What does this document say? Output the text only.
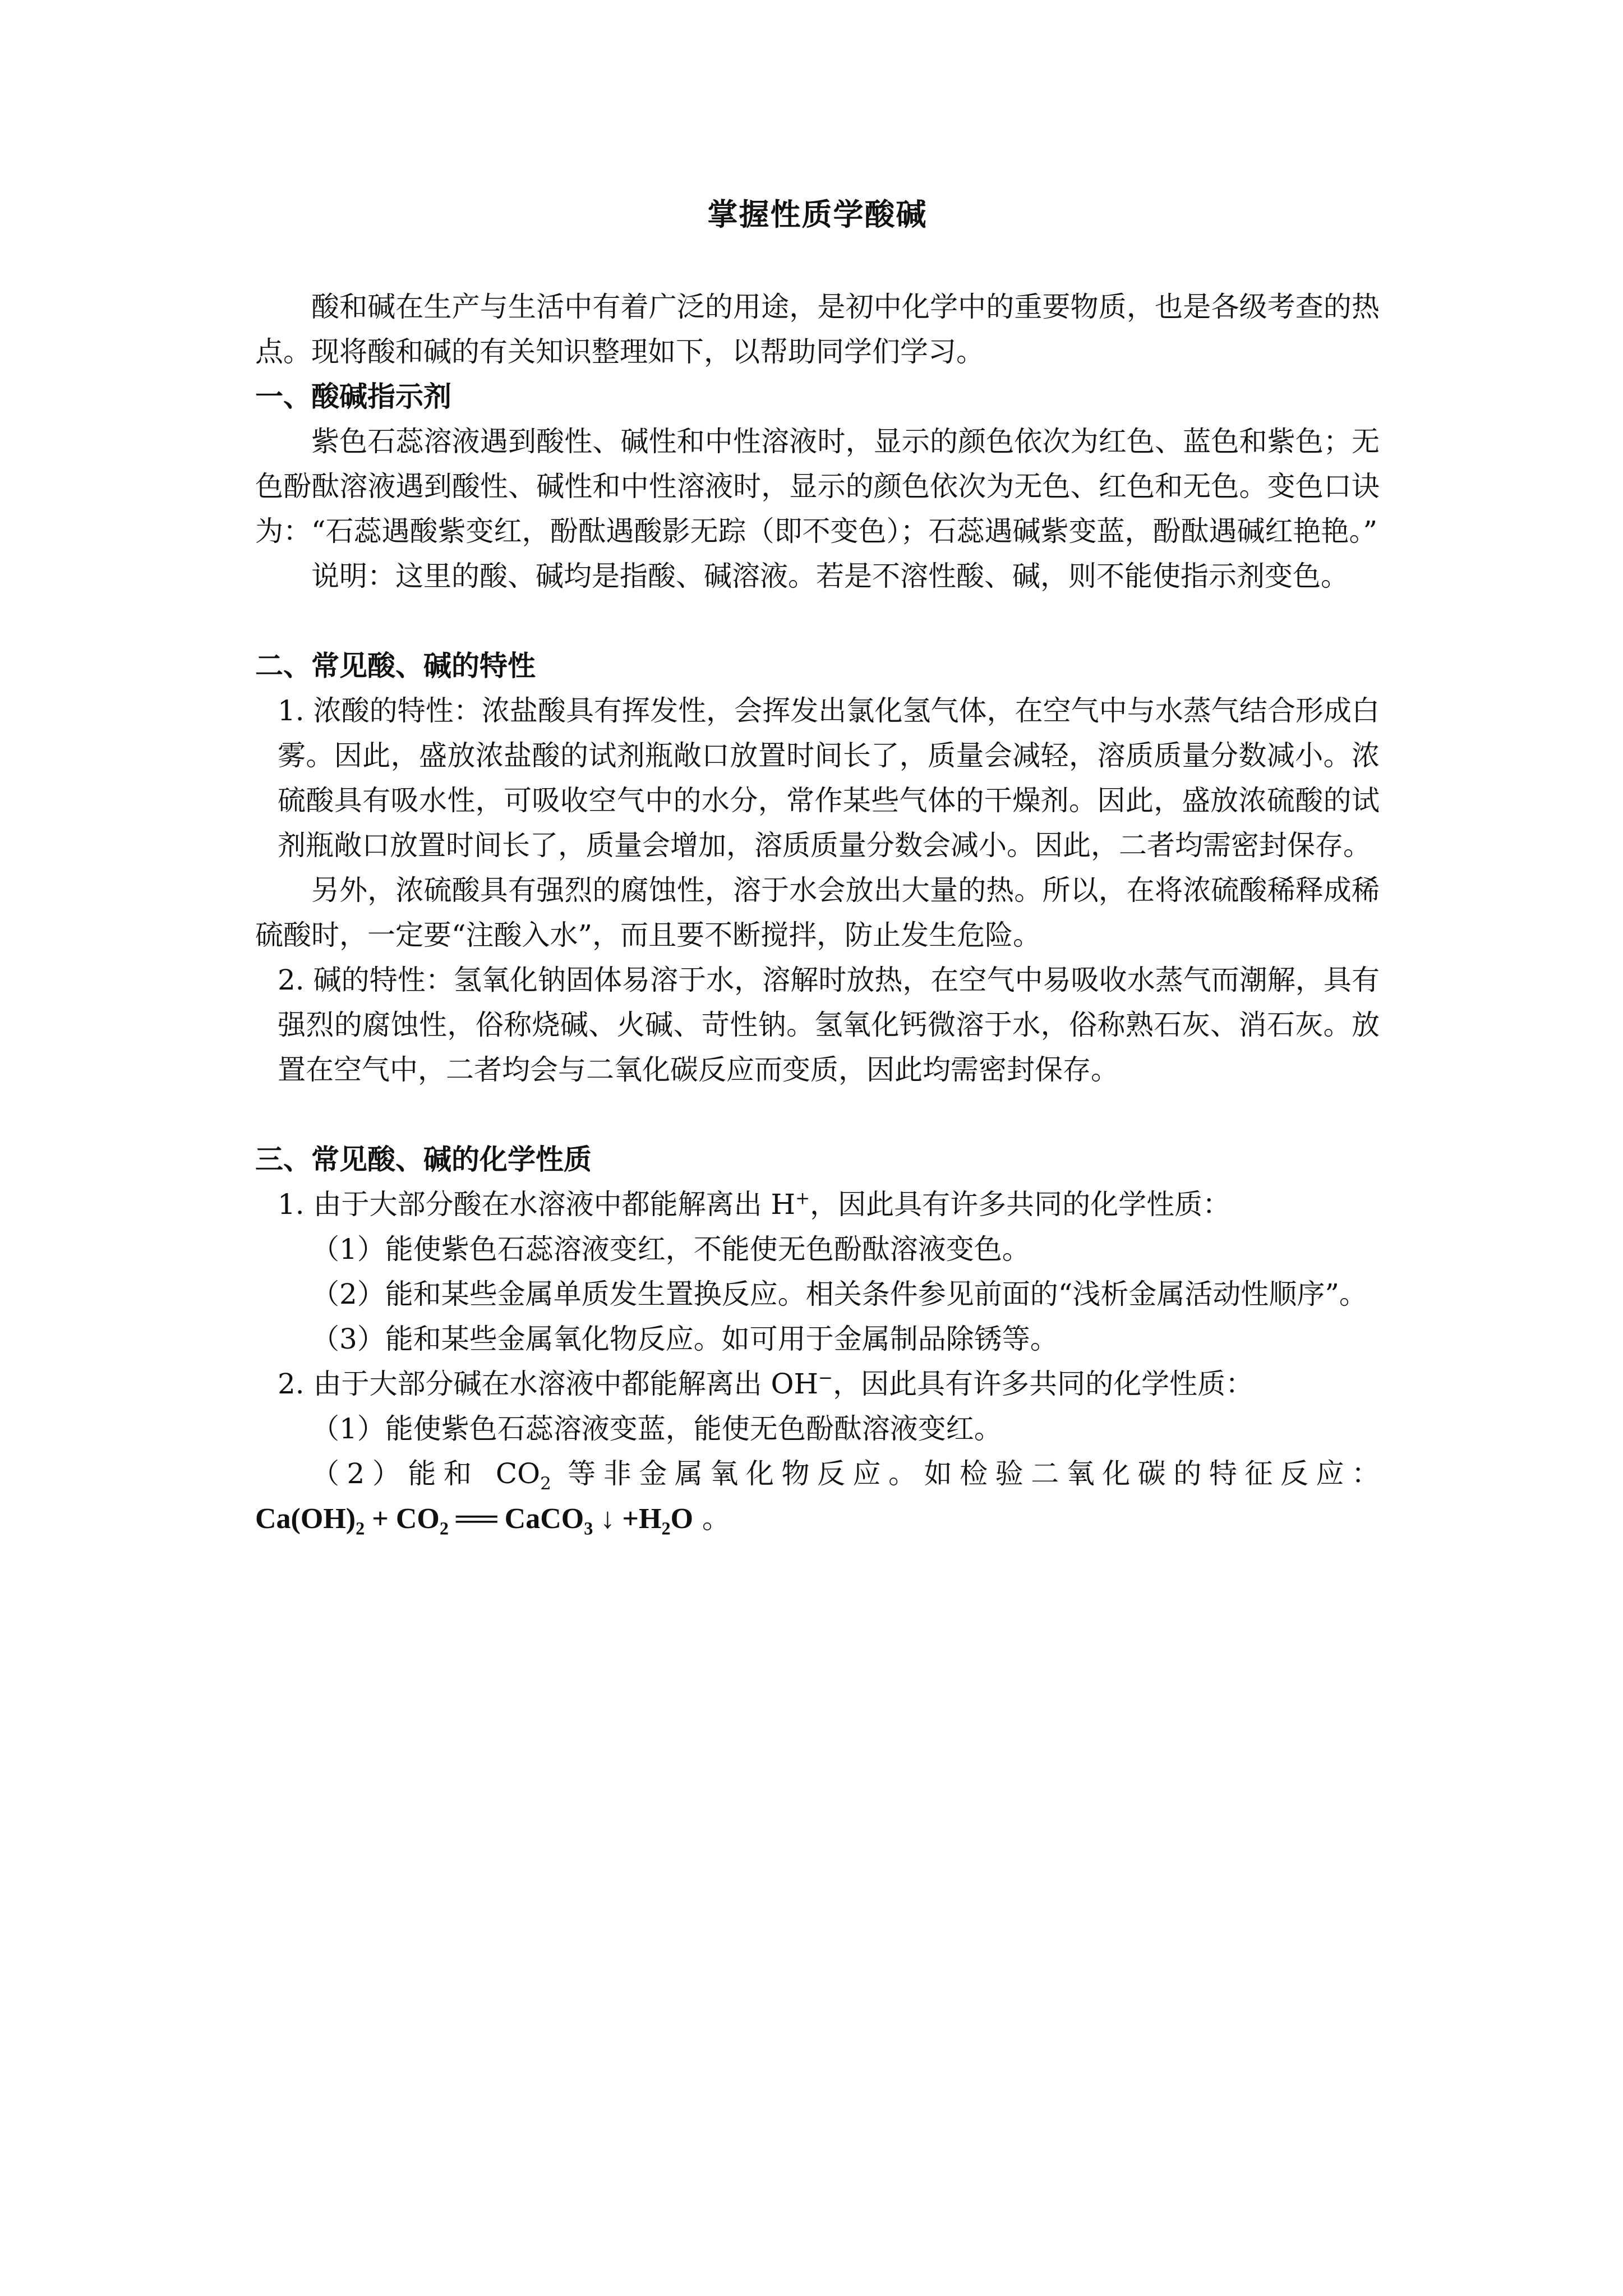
掌握性质学酸碱

酸和碱在生产与生活中有着广泛的用途，是初中化学中的重要物质，也是各级考查的热点。现将酸和碱的有关知识整理如下，以帮助同学们学习。

一、酸碱指示剂

紫色石蕊溶液遇到酸性、碱性和中性溶液时，显示的颜色依次为红色、蓝色和紫色；无色酚酞溶液遇到酸性、碱性和中性溶液时，显示的颜色依次为无色、红色和无色。变色口诀为：“石蕊遇酸紫变红，酚酞遇酸影无踪（即不变色）；石蕊遇碱紫变蓝，酚酞遇碱红艳艳。”

说明：这里的酸、碱均是指酸、碱溶液。若是不溶性酸、碱，则不能使指示剂变色。

二、常见酸、碱的特性

1. 浓酸的特性：浓盐酸具有挥发性，会挥发出氯化氢气体，在空气中与水蒸气结合形成白雾。因此，盛放浓盐酸的试剂瓶敞口放置时间长了，质量会减轻，溶质质量分数减小。浓硫酸具有吸水性，可吸收空气中的水分，常作某些气体的干燥剂。因此，盛放浓硫酸的试剂瓶敞口放置时间长了，质量会增加，溶质质量分数会减小。因此，二者均需密封保存。

另外，浓硫酸具有强烈的腐蚀性，溶于水会放出大量的热。所以，在将浓硫酸稀释成稀硫酸时，一定要“注酸入水”，而且要不断搅拌，防止发生危险。

2. 碱的特性：氢氧化钠固体易溶于水，溶解时放热，在空气中易吸收水蒸气而潮解，具有强烈的腐蚀性，俗称烧碱、火碱、苛性钠。氢氧化钙微溶于水，俗称熟石灰、消石灰。放置在空气中，二者均会与二氧化碳反应而变质，因此均需密封保存。

三、常见酸、碱的化学性质

1. 由于大部分酸在水溶液中都能解离出 H+，因此具有许多共同的化学性质：

（1）能使紫色石蕊溶液变红，不能使无色酚酞溶液变色。

（2）能和某些金属单质发生置换反应。相关条件参见前面的“浅析金属活动性顺序”。

（3）能和某些金属氧化物反应。如可用于金属制品除锈等。

2. 由于大部分碱在水溶液中都能解离出 OH−，因此具有许多共同的化学性质：

（1）能使紫色石蕊溶液变蓝，能使无色酚酞溶液变红。

（2）能和 $CO_2$ 等非金属氧化物反应。如检验二氧化碳的特征反应：

$Ca(OH)_2 + CO_2$ ══ CaCO$_3$ ↓ $+H_2O$ 。
